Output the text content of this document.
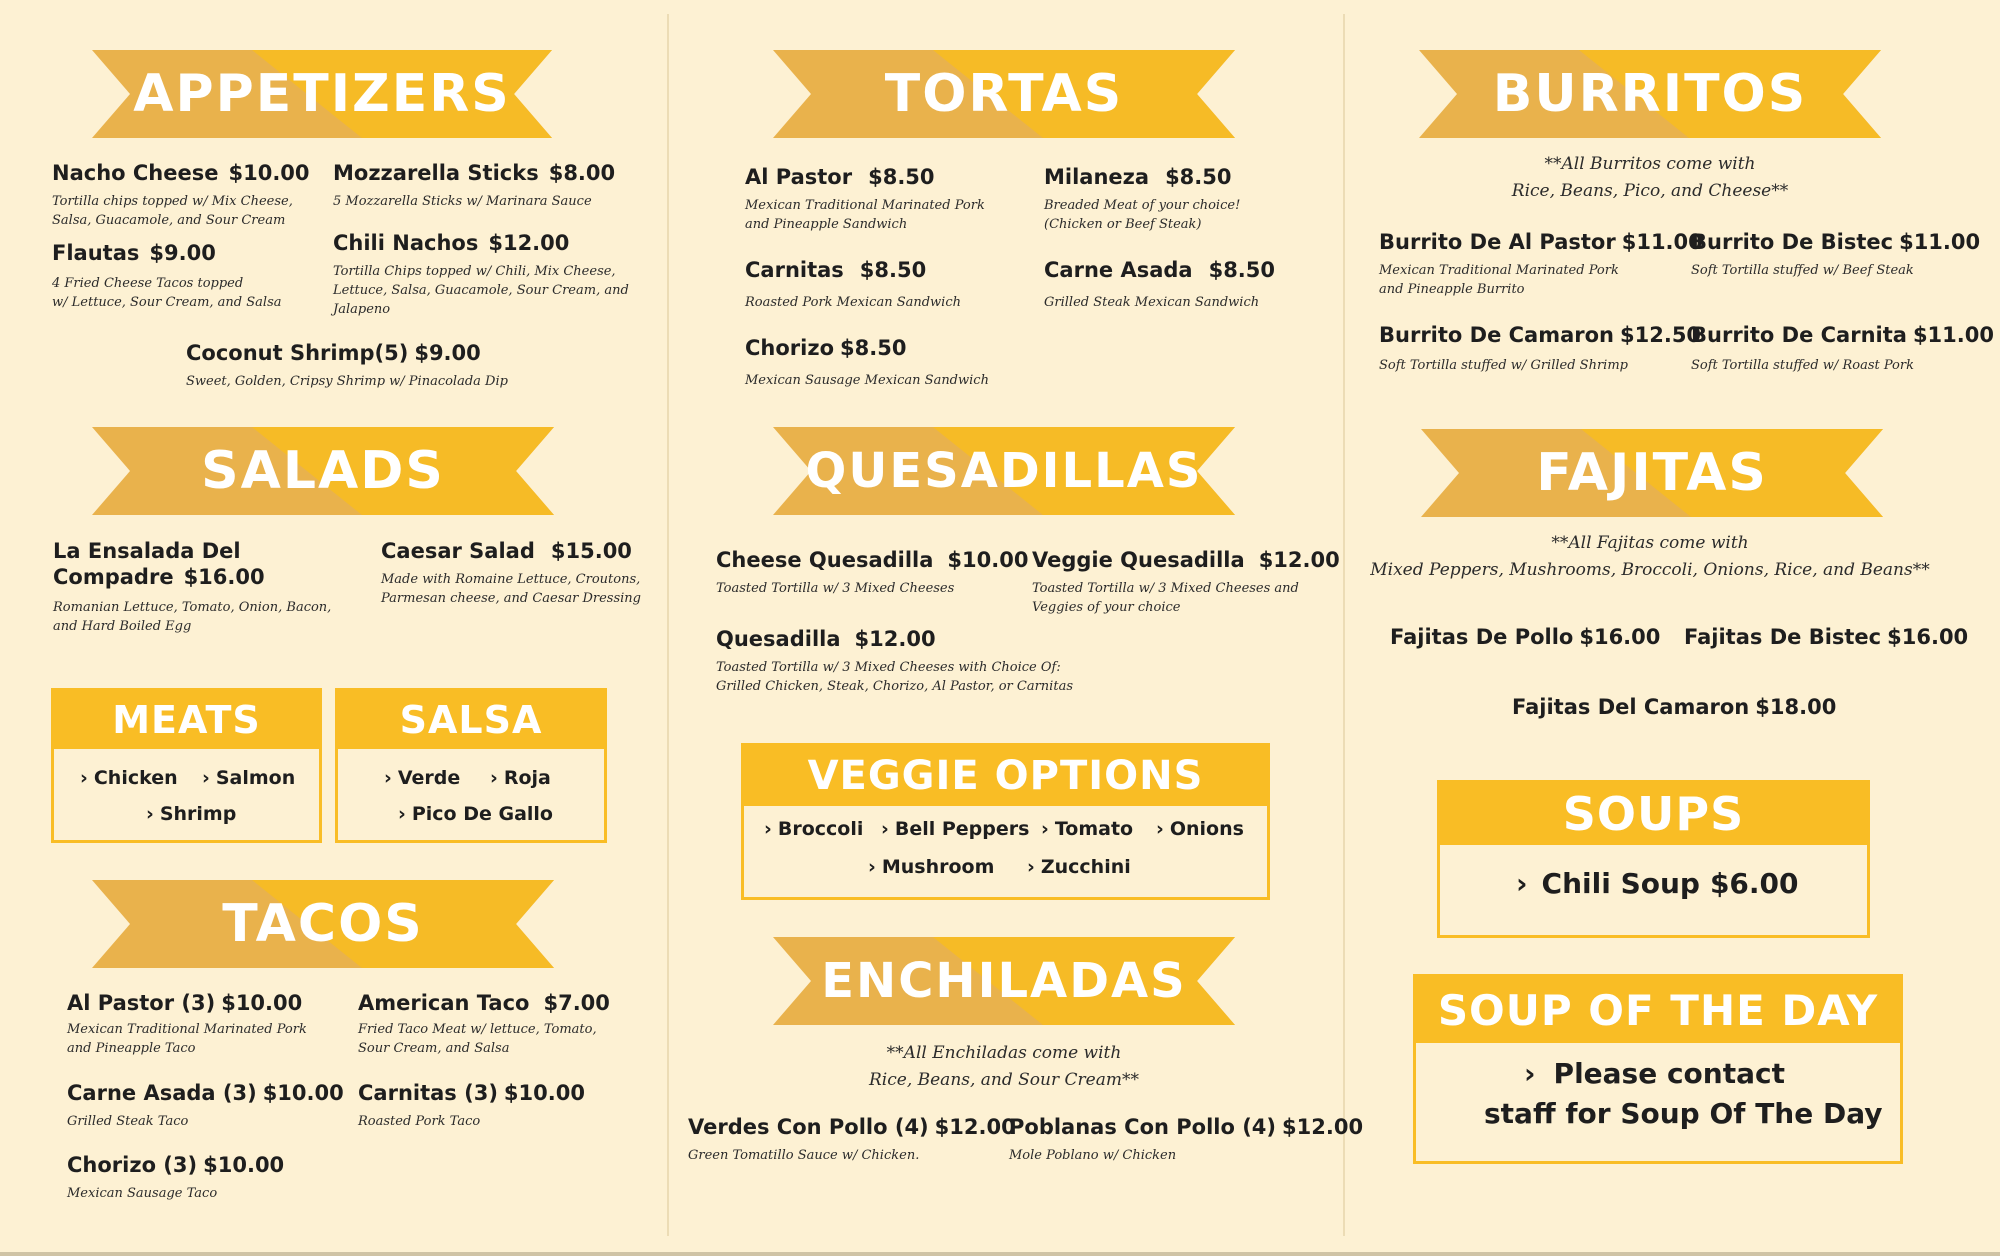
APPETIZERS
Nacho Cheese $10.00
Tortilla chips topped w/ Mix Cheese,
Salsa, Guacamole, and Sour Cream
Mozzarella Sticks $8.00
5 Mozzarella Sticks w/ Marinara Sauce
Flautas $9.00
4 Fried Cheese Tacos topped
w/ Lettuce, Sour Cream, and Salsa
Chili Nachos $12.00
Tortilla Chips topped w/ Chili, Mix Cheese,
Lettuce, Salsa, Guacamole, Sour Cream, and
Jalapeno
Coconut Shrimp(5) $9.00
Sweet, Golden, Cripsy Shrimp w/ Pinacolada Dip
SALADS
La Ensalada Del
Compadre $16.00
Romanian Lettuce, Tomato, Onion, Bacon,
and Hard Boiled Egg
Caesar Salad $15.00
Made with Romaine Lettuce, Croutons,
Parmesan cheese, and Caesar Dressing
MEATS
› Chicken › Salmon
› Shrimp
SALSA
› Verde › Roja
› Pico De Gallo
TACOS
Al Pastor (3) $10.00
Mexican Traditional Marinated Pork
and Pineapple Taco
American Taco $7.00
Fried Taco Meat w/ lettuce, Tomato,
Sour Cream, and Salsa
Carne Asada (3) $10.00
Grilled Steak Taco
Carnitas (3) $10.00
Roasted Pork Taco
Chorizo (3) $10.00
Mexican Sausage Taco
TORTAS
Al Pastor $8.50
Mexican Traditional Marinated Pork
and Pineapple Sandwich
Milaneza $8.50
Breaded Meat of your choice!
(Chicken or Beef Steak)
Carnitas $8.50
Roasted Pork Mexican Sandwich
Carne Asada $8.50
Grilled Steak Mexican Sandwich
Chorizo $8.50
Mexican Sausage Mexican Sandwich
QUESADILLAS
Cheese Quesadilla $10.00
Toasted Tortilla w/ 3 Mixed Cheeses
Veggie Quesadilla $12.00
Toasted Tortilla w/ 3 Mixed Cheeses and
Veggies of your choice
Quesadilla $12.00
Toasted Tortilla w/ 3 Mixed Cheeses with Choice Of:
Grilled Chicken, Steak, Chorizo, Al Pastor, or Carnitas
VEGGIE OPTIONS
› Broccoli › Bell Peppers › Tomato › Onions
› Mushroom › Zucchini
ENCHILADAS
**All Enchiladas come with
Rice, Beans, and Sour Cream**
Verdes Con Pollo (4) $12.00
Green Tomatillo Sauce w/ Chicken.
Poblanas Con Pollo (4) $12.00
Mole Poblano w/ Chicken
BURRITOS
**All Burritos come with
Rice, Beans, Pico, and Cheese**
Burrito De Al Pastor $11.00
Mexican Traditional Marinated Pork
and Pineapple Burrito
Burrito De Bistec $11.00
Soft Tortilla stuffed w/ Beef Steak
Burrito De Camaron $12.50
Soft Tortilla stuffed w/ Grilled Shrimp
Burrito De Carnita $11.00
Soft Tortilla stuffed w/ Roast Pork
FAJITAS
**All Fajitas come with
Mixed Peppers, Mushrooms, Broccoli, Onions, Rice, and Beans**
Fajitas De Pollo $16.00 Fajitas De Bistec $16.00
Fajitas Del Camaron $18.00
SOUPS
› Chili Soup $6.00
SOUP OF THE DAY
› Please contact
staff for Soup Of The Day
